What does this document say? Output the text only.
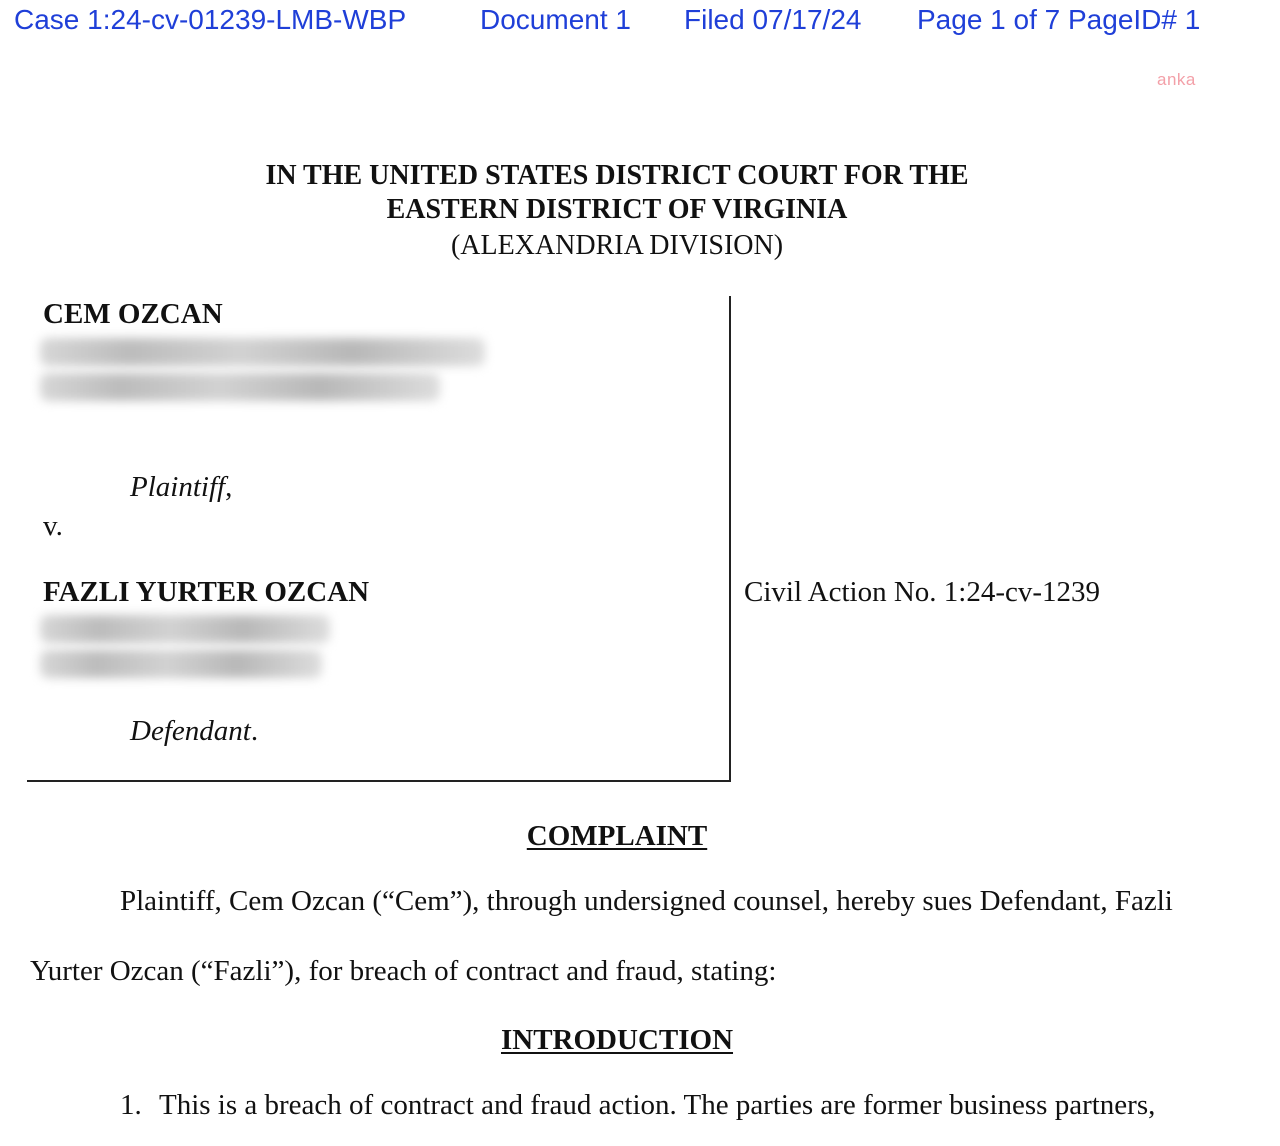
Case 1:24-cv-01239-LMB-WBP	Document 1 Filed 07/17/24 Page 1 of 7 PageID# 1
anka
IN THE UNITED STATES DISTRICT COURT FOR THE
EASTERN DISTRICT OF VIRGINIA
(ALEXANDRIA DIVISION)
CEM OZCAN
Plaintiff,
v.
FAZLI YURTER OZCAN
Defendant.
Civil Action No. 1:24-cv-1239
COMPLAINT
Plaintiff, Cem Ozcan (“Cem”), through undersigned counsel, hereby sues Defendant, Fazli
Yurter Ozcan (“Fazli”), for breach of contract and fraud, stating:
INTRODUCTION
1. This is a breach of contract and fraud action. The parties are former business partners,
